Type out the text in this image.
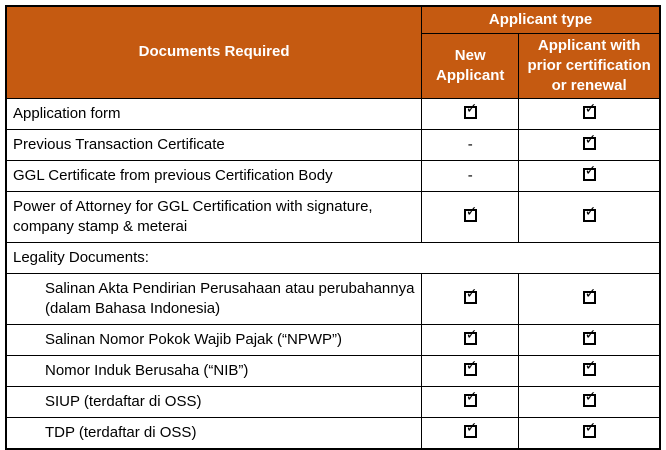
Documents Required	Applicant type	
	New Applicant	Applicant with prior certification or renewal
Application form	✓	✓

Previous Transaction Certificate	-	✓

GGL Certificate from previous Certification Body	-	✓

Power of Attorney for GGL Certification with signature, company stamp & meterai	✓	✓

Legality Documents:		
Salinan Akta Pendirian Perusahaan atau perubahannya (dalam Bahasa Indonesia)	✓	✓

Salinan Nomor Pokok Wajib Pajak (“NPWP”)	✓	✓

Nomor Induk Berusaha (“NIB”)	✓	✓

SIUP (terdaftar di OSS)	✓	✓

TDP (terdaftar di OSS)	✓	✓
